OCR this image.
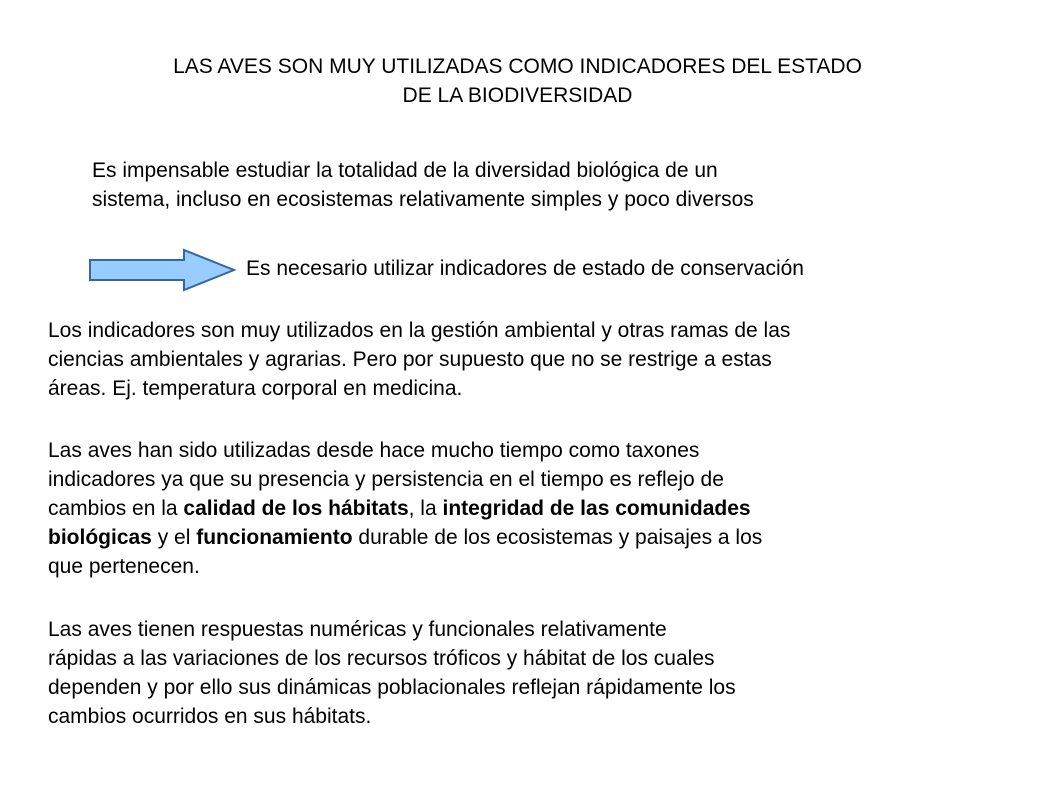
LAS AVES SON MUY UTILIZADAS COMO INDICADORES DEL ESTADO
DE LA BIODIVERSIDAD
Es impensable estudiar la totalidad de la diversidad biológica de un
sistema, incluso en ecosistemas relativamente simples y poco diversos
Es necesario utilizar indicadores de estado de conservación
Los indicadores son muy utilizados en la gestión ambiental y otras ramas de las
ciencias ambientales y agrarias. Pero por supuesto que no se restrige a estas
áreas. Ej. temperatura corporal en medicina.
Las aves han sido utilizadas desde hace mucho tiempo como taxones
indicadores ya que su presencia y persistencia en el tiempo es reflejo de
cambios en la calidad de los hábitats, la integridad de las comunidades
biológicas y el funcionamiento durable de los ecosistemas y paisajes a los
que pertenecen.
Las aves tienen respuestas numéricas y funcionales relativamente
rápidas a las variaciones de los recursos tróficos y hábitat de los cuales
dependen y por ello sus dinámicas poblacionales reflejan rápidamente los
cambios ocurridos en sus hábitats.
